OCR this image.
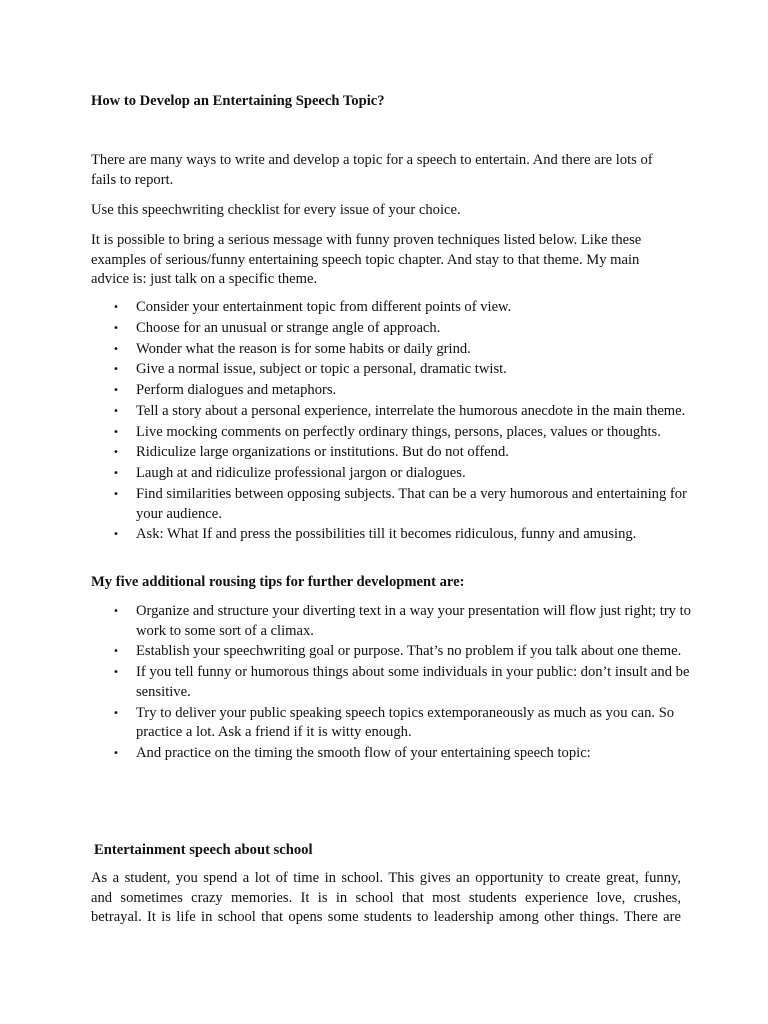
How to Develop an Entertaining Speech Topic?

There are many ways to write and develop a topic for a speech to entertain. And there are lots of fails to report.

Use this speechwriting checklist for every issue of your choice.

It is possible to bring a serious message with funny proven techniques listed below. Like these examples of serious/funny entertaining speech topic chapter. And stay to that theme. My main advice is: just talk on a specific theme.

• Consider your entertainment topic from different points of view.
• Choose for an unusual or strange angle of approach.
• Wonder what the reason is for some habits or daily grind.
• Give a normal issue, subject or topic a personal, dramatic twist.
• Perform dialogues and metaphors.
• Tell a story about a personal experience, interrelate the humorous anecdote in the main theme.
• Live mocking comments on perfectly ordinary things, persons, places, values or thoughts.
• Ridiculize large organizations or institutions. But do not offend.
• Laugh at and ridiculize professional jargon or dialogues.
• Find similarities between opposing subjects. That can be a very humorous and entertaining for your audience.
• Ask: What If and press the possibilities till it becomes ridiculous, funny and amusing.

My five additional rousing tips for further development are:

• Organize and structure your diverting text in a way your presentation will flow just right; try to work to some sort of a climax.
• Establish your speechwriting goal or purpose. That’s no problem if you talk about one theme.
• If you tell funny or humorous things about some individuals in your public: don’t insult and be sensitive.
• Try to deliver your public speaking speech topics extemporaneously as much as you can. So practice a lot. Ask a friend if it is witty enough.
• And practice on the timing the smooth flow of your entertaining speech topic:

Entertainment speech about school

As a student, you spend a lot of time in school. This gives an opportunity to create great, funny,
and sometimes crazy memories. It is in school that most students experience love, crushes,
betrayal. It is life in school that opens some students to leadership among other things. There are
